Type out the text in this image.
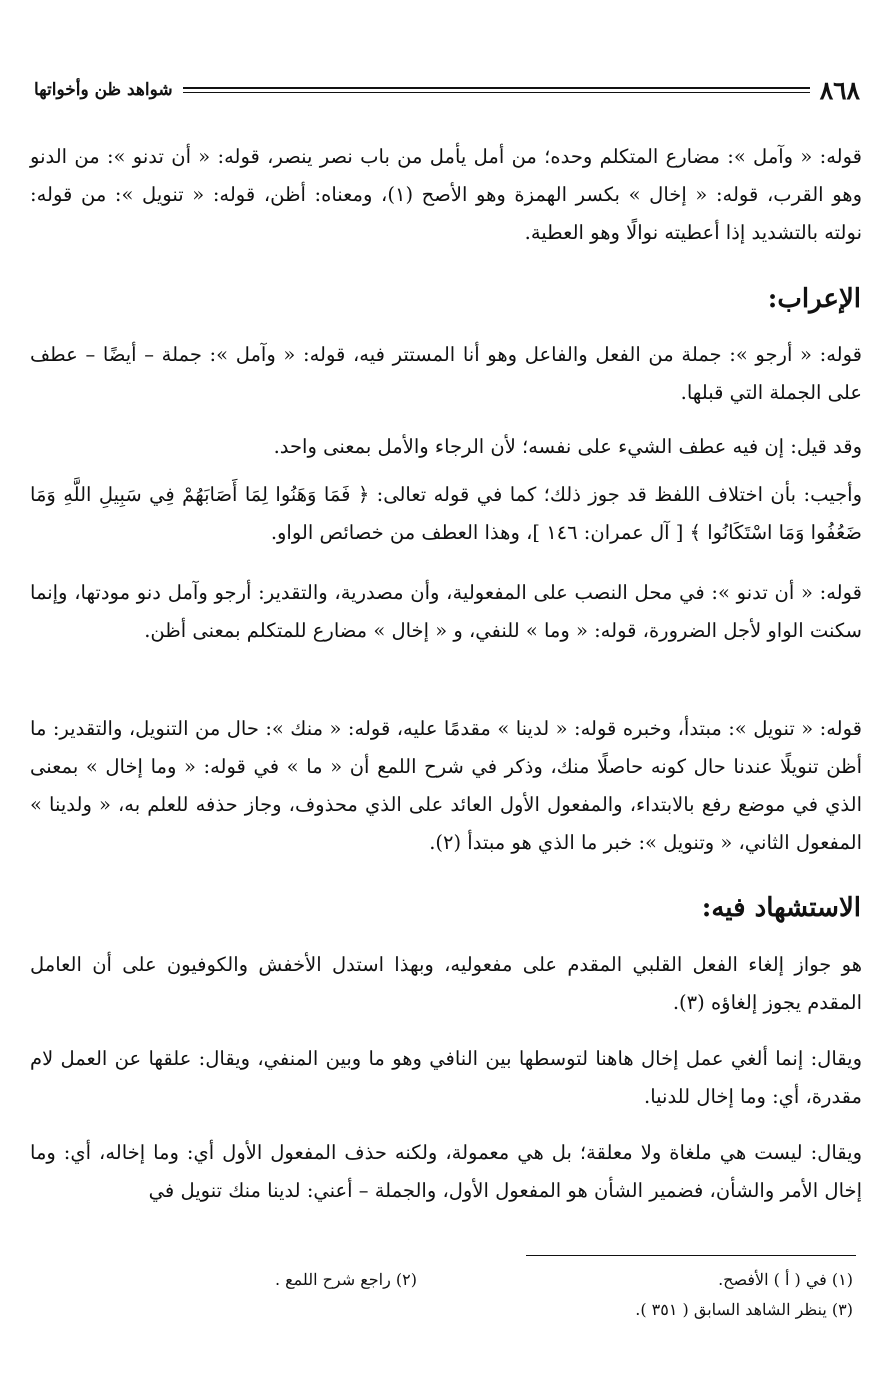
٨٦٨
شواهد ظن وأخواتها

قوله: « وآمل »: مضارع المتكلم وحده؛ من أمل يأمل من باب نصر ينصر، قوله: « أن تدنو »: من الدنو وهو القرب، قوله: « إخال » بكسر الهمزة وهو الأصح (١)، ومعناه: أظن، قوله: « تنويل »: من قوله: نولته بالتشديد إذا أعطيته نوالًا وهو العطية.

الإعراب:

قوله: « أرجو »: جملة من الفعل والفاعل وهو أنا المستتر فيه، قوله: « وآمل »: جملة – أيضًا – عطف على الجملة التي قبلها.

وقد قيل: إن فيه عطف الشيء على نفسه؛ لأن الرجاء والأمل بمعنى واحد.

وأجيب: بأن اختلاف اللفظ قد جوز ذلك؛ كما في قوله تعالى: ﴿ فَمَا وَهَنُوا لِمَا أَصَابَهُمْ فِي سَبِيلِ اللَّهِ وَمَا ضَعُفُوا وَمَا اسْتَكَانُوا ﴾ [ آل عمران: ١٤٦ ]، وهذا العطف من خصائص الواو.

قوله: « أن تدنو »: في محل النصب على المفعولية، وأن مصدرية، والتقدير: أرجو وآمل دنو مودتها، وإنما سكنت الواو لأجل الضرورة، قوله: « وما » للنفي، و « إخال » مضارع للمتكلم بمعنى أظن.

قوله: « تنويل »: مبتدأ، وخبره قوله: « لدينا » مقدمًا عليه، قوله: « منك »: حال من التنويل، والتقدير: ما أظن تنويلًا عندنا حال كونه حاصلًا منك، وذكر في شرح اللمع أن « ما » في قوله: « وما إخال » بمعنى الذي في موضع رفع بالابتداء، والمفعول الأول العائد على الذي محذوف، وجاز حذفه للعلم به، « ولدينا » المفعول الثاني، « وتنويل »: خبر ما الذي هو مبتدأ (٢).

الاستشهاد فيه:

هو جواز إلغاء الفعل القلبي المقدم على مفعوليه، وبهذا استدل الأخفش والكوفيون على أن العامل المقدم يجوز إلغاؤه (٣).

ويقال: إنما ألغي عمل إخال هاهنا لتوسطها بين النافي وهو ما وبين المنفي، ويقال: علقها عن العمل لام مقدرة، أي: وما إخال للدنيا.

ويقال: ليست هي ملغاة ولا معلقة؛ بل هي معمولة، ولكنه حذف المفعول الأول أي: وما إخاله، أي: وما إخال الأمر والشأن، فضمير الشأن هو المفعول الأول، والجملة – أعني: لدينا منك تنويل في

(١) في ( أ ) الأفصح.
(٢) راجع شرح اللمع .
(٣) ينظر الشاهد السابق ( ٣٥١ ).
